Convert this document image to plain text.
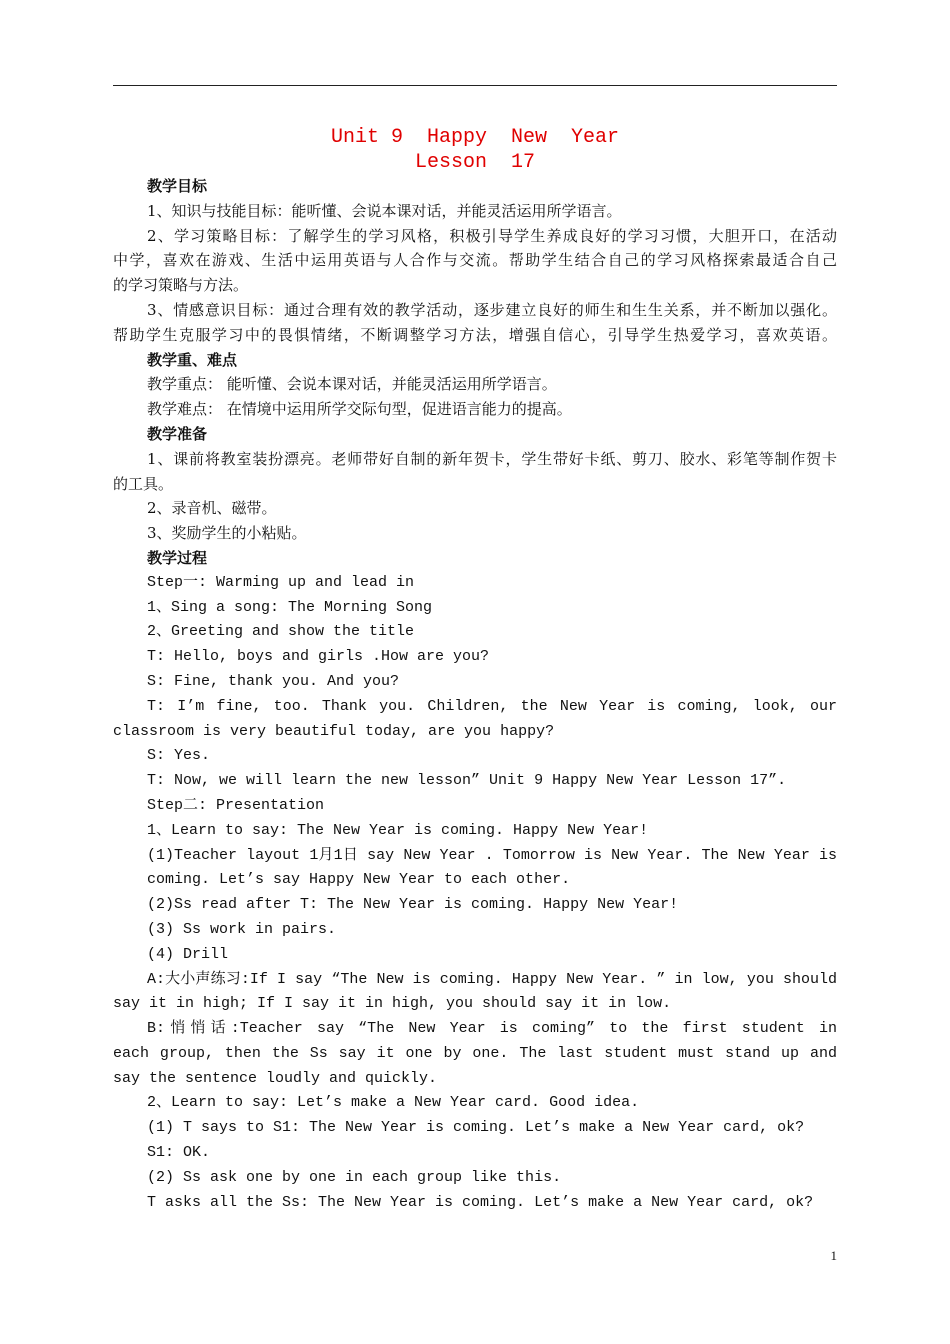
Unit 9  Happy  New  Year
Lesson  17
教学目标
1、知识与技能目标：能听懂、会说本课对话，并能灵活运用所学语言。
2、学习策略目标：了解学生的学习风格，积极引导学生养成良好的学习习惯，大胆开口，在活动
中学，喜欢在游戏、生活中运用英语与人合作与交流。帮助学生结合自己的学习风格探索最适合自己
的学习策略与方法。
3、情感意识目标：通过合理有效的教学活动，逐步建立良好的师生和生生关系，并不断加以强化。
帮助学生克服学习中的畏惧情绪，不断调整学习方法，增强自信心，引导学生热爱学习，喜欢英语。
教学重、难点
教学重点： 能听懂、会说本课对话，并能灵活运用所学语言。
教学难点： 在情境中运用所学交际句型，促进语言能力的提高。
教学准备
1、课前将教室装扮漂亮。老师带好自制的新年贺卡，学生带好卡纸、剪刀、胶水、彩笔等制作贺卡
的工具。
2、录音机、磁带。
3、奖励学生的小粘贴。
教学过程
Step一: Warming up and lead in
1、Sing a song: The Morning Song
2、Greeting and show the title
T: Hello, boys and girls .How are you?
S: Fine, thank you. And you?
T: I’m fine, too. Thank you. Children, the New Year is coming, look, our
classroom is very beautiful today, are you happy?
S: Yes.
T: Now, we will learn the new lesson” Unit 9 Happy New Year Lesson 17”.
Step二: Presentation
1、Learn to say: The New Year is coming. Happy New Year!
(1)Teacher layout 1月1日 say New Year . Tomorrow is New Year. The New Year is
coming. Let’s say Happy New Year to each other.
(2)Ss read after T: The New Year is coming. Happy New Year!
(3) Ss work in pairs.
(4) Drill
A:大小声练习:If I say “The New is coming. Happy New Year. ” in low, you should
say it in high; If I say it in high, you should say it in low.
B:悄悄话:Teacher say “The New Year is coming” to the first student in
each group, then the Ss say it one by one. The last student must stand up and
say the sentence loudly and quickly.
2、Learn to say: Let’s make a New Year card. Good idea.
(1) T says to S1: The New Year is coming. Let’s make a New Year card, ok?
S1: OK.
(2) Ss ask one by one in each group like this.
T asks all the Ss: The New Year is coming. Let’s make a New Year card, ok?
1
